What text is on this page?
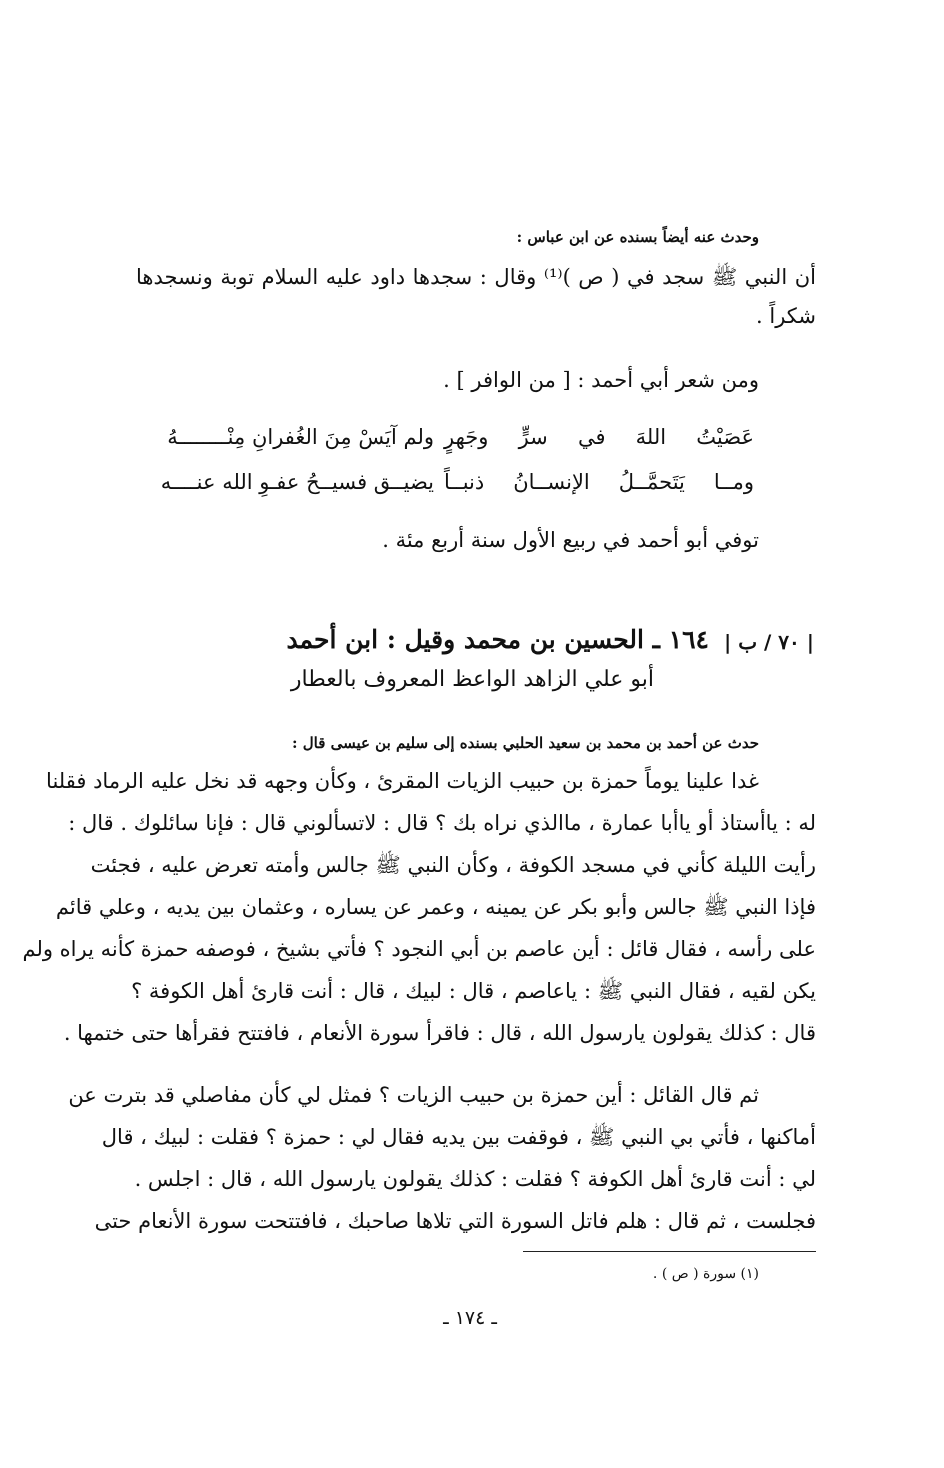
وحدث عنه أيضاً بسنده عن ابن عباس :
أن النبي ﷺ سجد في ( ص )⁽¹⁾ وقال : سجدها داود عليه السلام توبة ونسجدها
شكراً .
ومن شعر أبي أحمد : [ من الوافر ] .
عَصَيْتُ اللهَ في سرٍّ وجَهرٍ
ولم آيَسْ مِنَ الغُفرانِ مِنْــــــــهُ
ومــا يَتَحمَّــلُ الإنســانُ ذنبــاً
يضيــق فسيــحُ عفـوِ الله عنــــه
توفي أبو أحمد في ربيع الأول سنة أربع مئة .
| ٧٠ / ب |
١٦٤ ـ الحسين بن محمد وقيل : ابن أحمد
أبو علي الزاهد الواعظ المعروف بالعطار
حدث عن أحمد بن محمد بن سعيد الحلبي بسنده إلى سليم بن عيسى قال :
غدا علينا يوماً حمزة بن حبيب الزيات المقرئ ، وكأن وجهه قد نخل عليه الرماد فقلنا
له : ياأستاذ أو ياأبا عمارة ، ماالذي نراه بك ؟ قال : لاتسألوني قال : فإنا سائلوك . قال :
رأيت الليلة كأني في مسجد الكوفة ، وكأن النبي ﷺ جالس وأمته تعرض عليه ، فجئت
فإذا النبي ﷺ جالس وأبو بكر عن يمينه ، وعمر عن يساره ، وعثمان بين يديه ، وعلي قائم
على رأسه ، فقال قائل : أين عاصم بن أبي النجود ؟ فأتي بشيخ ، فوصفه حمزة كأنه يراه ولم
يكن لقيه ، فقال النبي ﷺ : ياعاصم ، قال : لبيك ، قال : أنت قارئ أهل الكوفة ؟
قال : كذلك يقولون يارسول الله ، قال : فاقرأ سورة الأنعام ، فافتتح فقرأها حتى ختمها .
ثم قال القائل : أين حمزة بن حبيب الزيات ؟ فمثل لي كأن مفاصلي قد بترت عن
أماكنها ، فأتي بي النبي ﷺ ، فوقفت بين يديه فقال لي : حمزة ؟ فقلت : لبيك ، قال
لي : أنت قارئ أهل الكوفة ؟ فقلت : كذلك يقولون يارسول الله ، قال : اجلس .
فجلست ، ثم قال : هلم فاتل السورة التي تلاها صاحبك ، فافتتحت سورة الأنعام حتى
(١) سورة ( ص ) .
ـ ١٧٤ ـ
